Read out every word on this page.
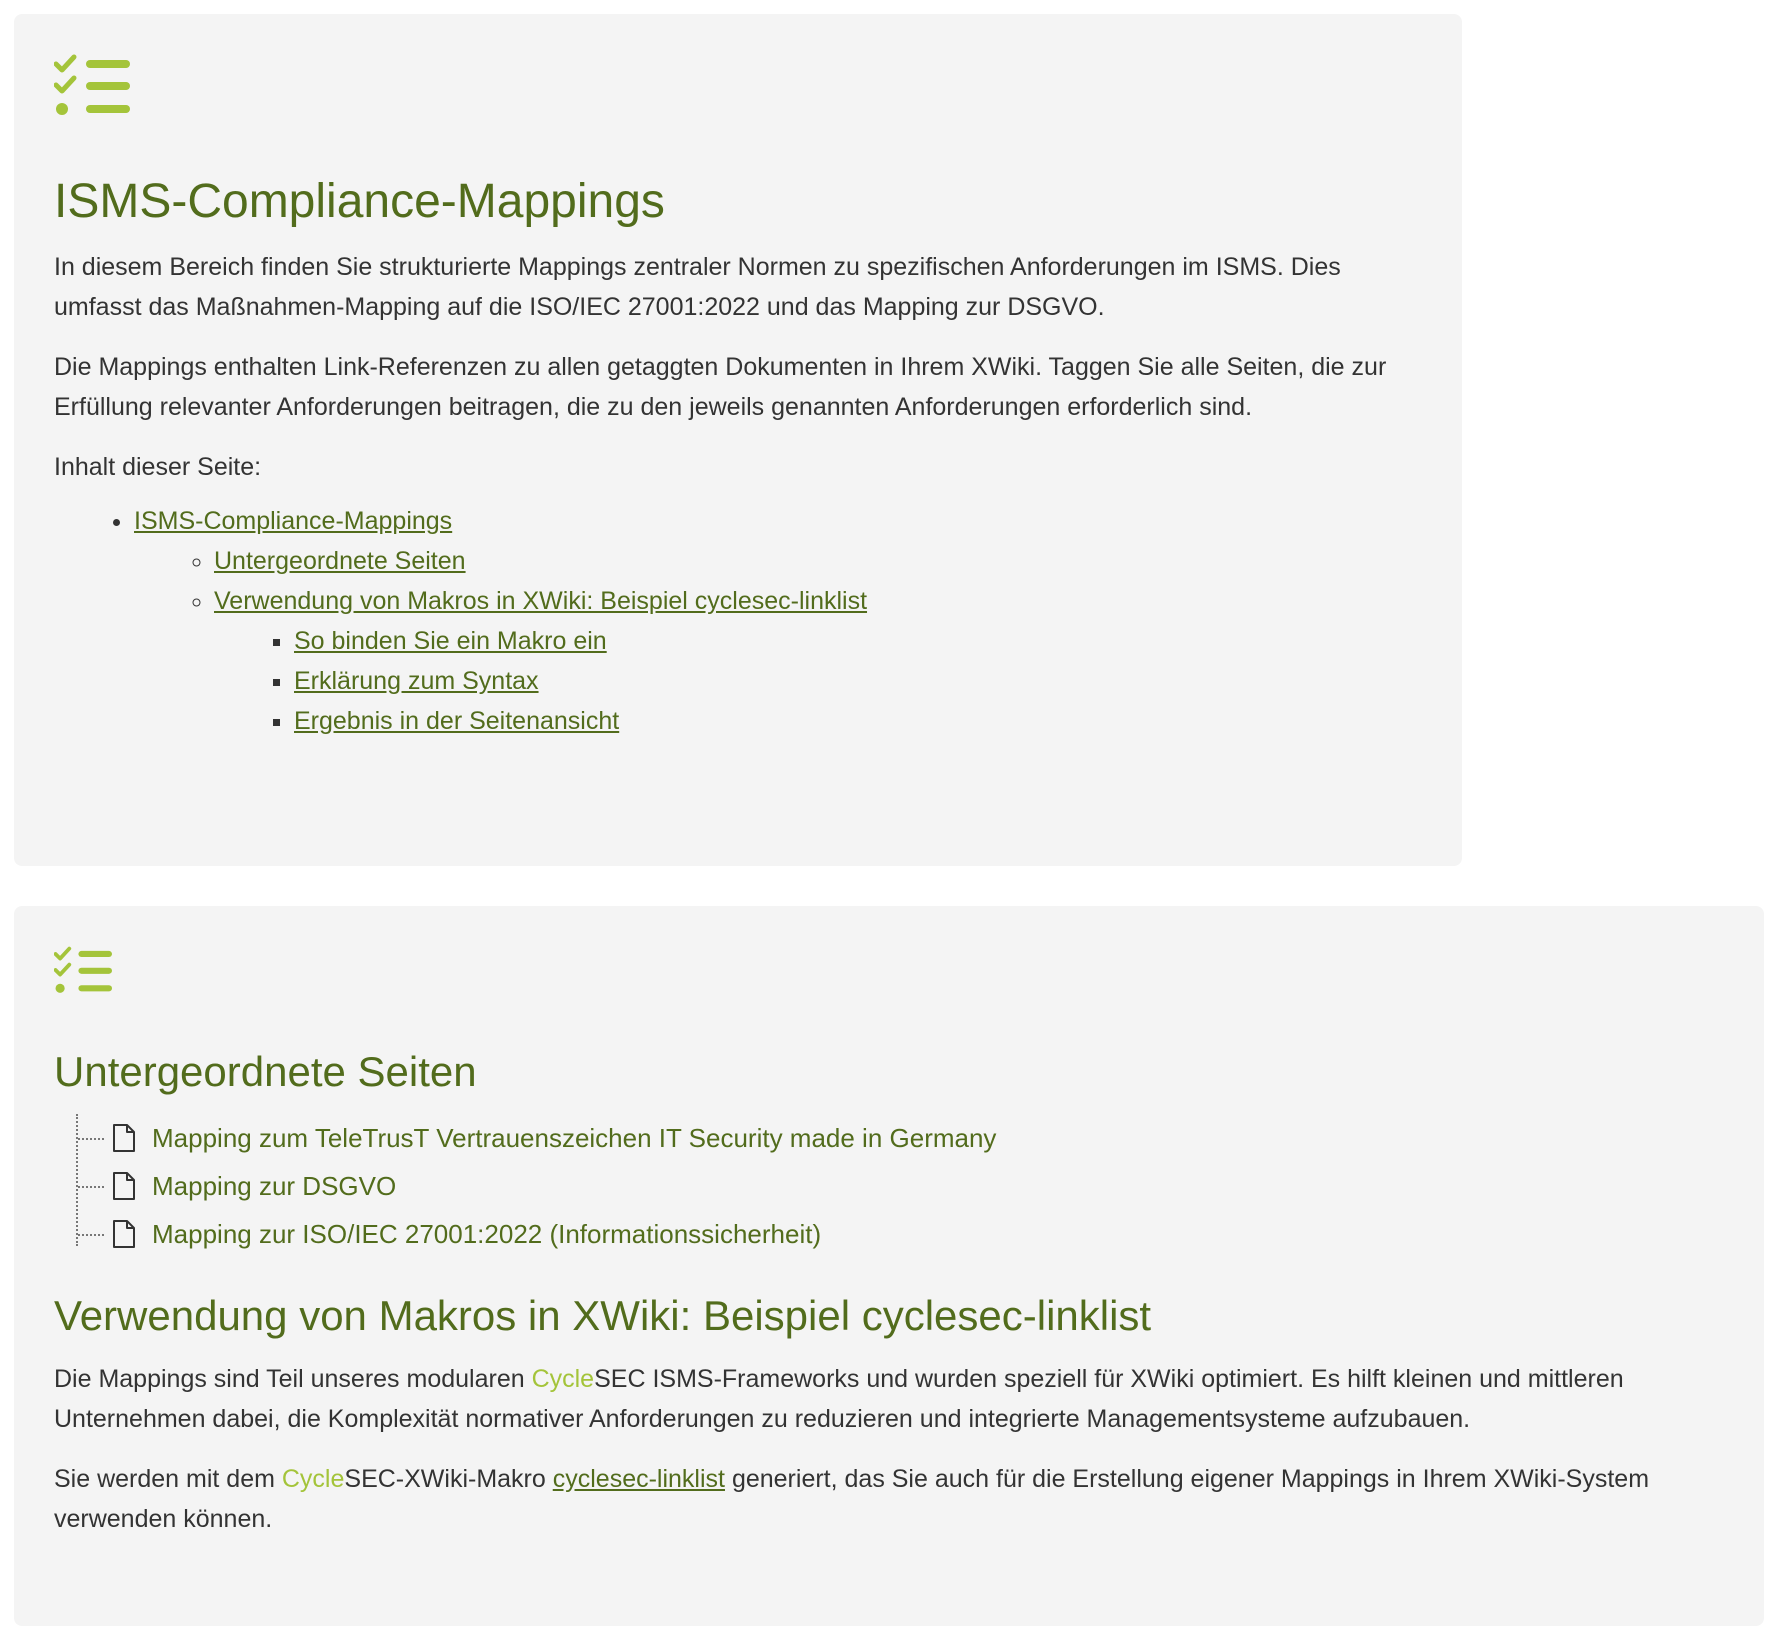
ISMS-Compliance-Mappings

In diesem Bereich finden Sie strukturierte Mappings zentraler Normen zu spezifischen Anforderungen im ISMS. Dies umfasst das Maßnahmen-Mapping auf die ISO/IEC 27001:2022 und das Mapping zur DSGVO.

Die Mappings enthalten Link-Referenzen zu allen getaggten Dokumenten in Ihrem XWiki. Taggen Sie alle Seiten, die zur Erfüllung relevanter Anforderungen beitragen, die zu den jeweils genannten Anforderungen erforderlich sind.

Inhalt dieser Seite:

• ISMS-Compliance-Mappings
◦ Untergeordnete Seiten
◦ Verwendung von Makros in XWiki: Beispiel cyclesec-linklist
▪ So binden Sie ein Makro ein
▪ Erklärung zum Syntax
▪ Ergebnis in der Seitenansicht
Untergeordnete Seiten
Mapping zum TeleTrusT Vertrauenszeichen IT Security made in Germany
Mapping zur DSGVO
Mapping zur ISO/IEC 27001:2022 (Informationssicherheit)
Verwendung von Makros in XWiki: Beispiel cyclesec-linklist

Die Mappings sind Teil unseres modularen CycleSEC ISMS-Frameworks und wurden speziell für XWiki optimiert. Es hilft kleinen und mittleren Unternehmen dabei, die Komplexität normativer Anforderungen zu reduzieren und integrierte Managementsysteme aufzubauen.

Sie werden mit dem CycleSEC-XWiki-Makro cyclesec-linklist generiert, das Sie auch für die Erstellung eigener Mappings in Ihrem XWiki-System verwenden können.
